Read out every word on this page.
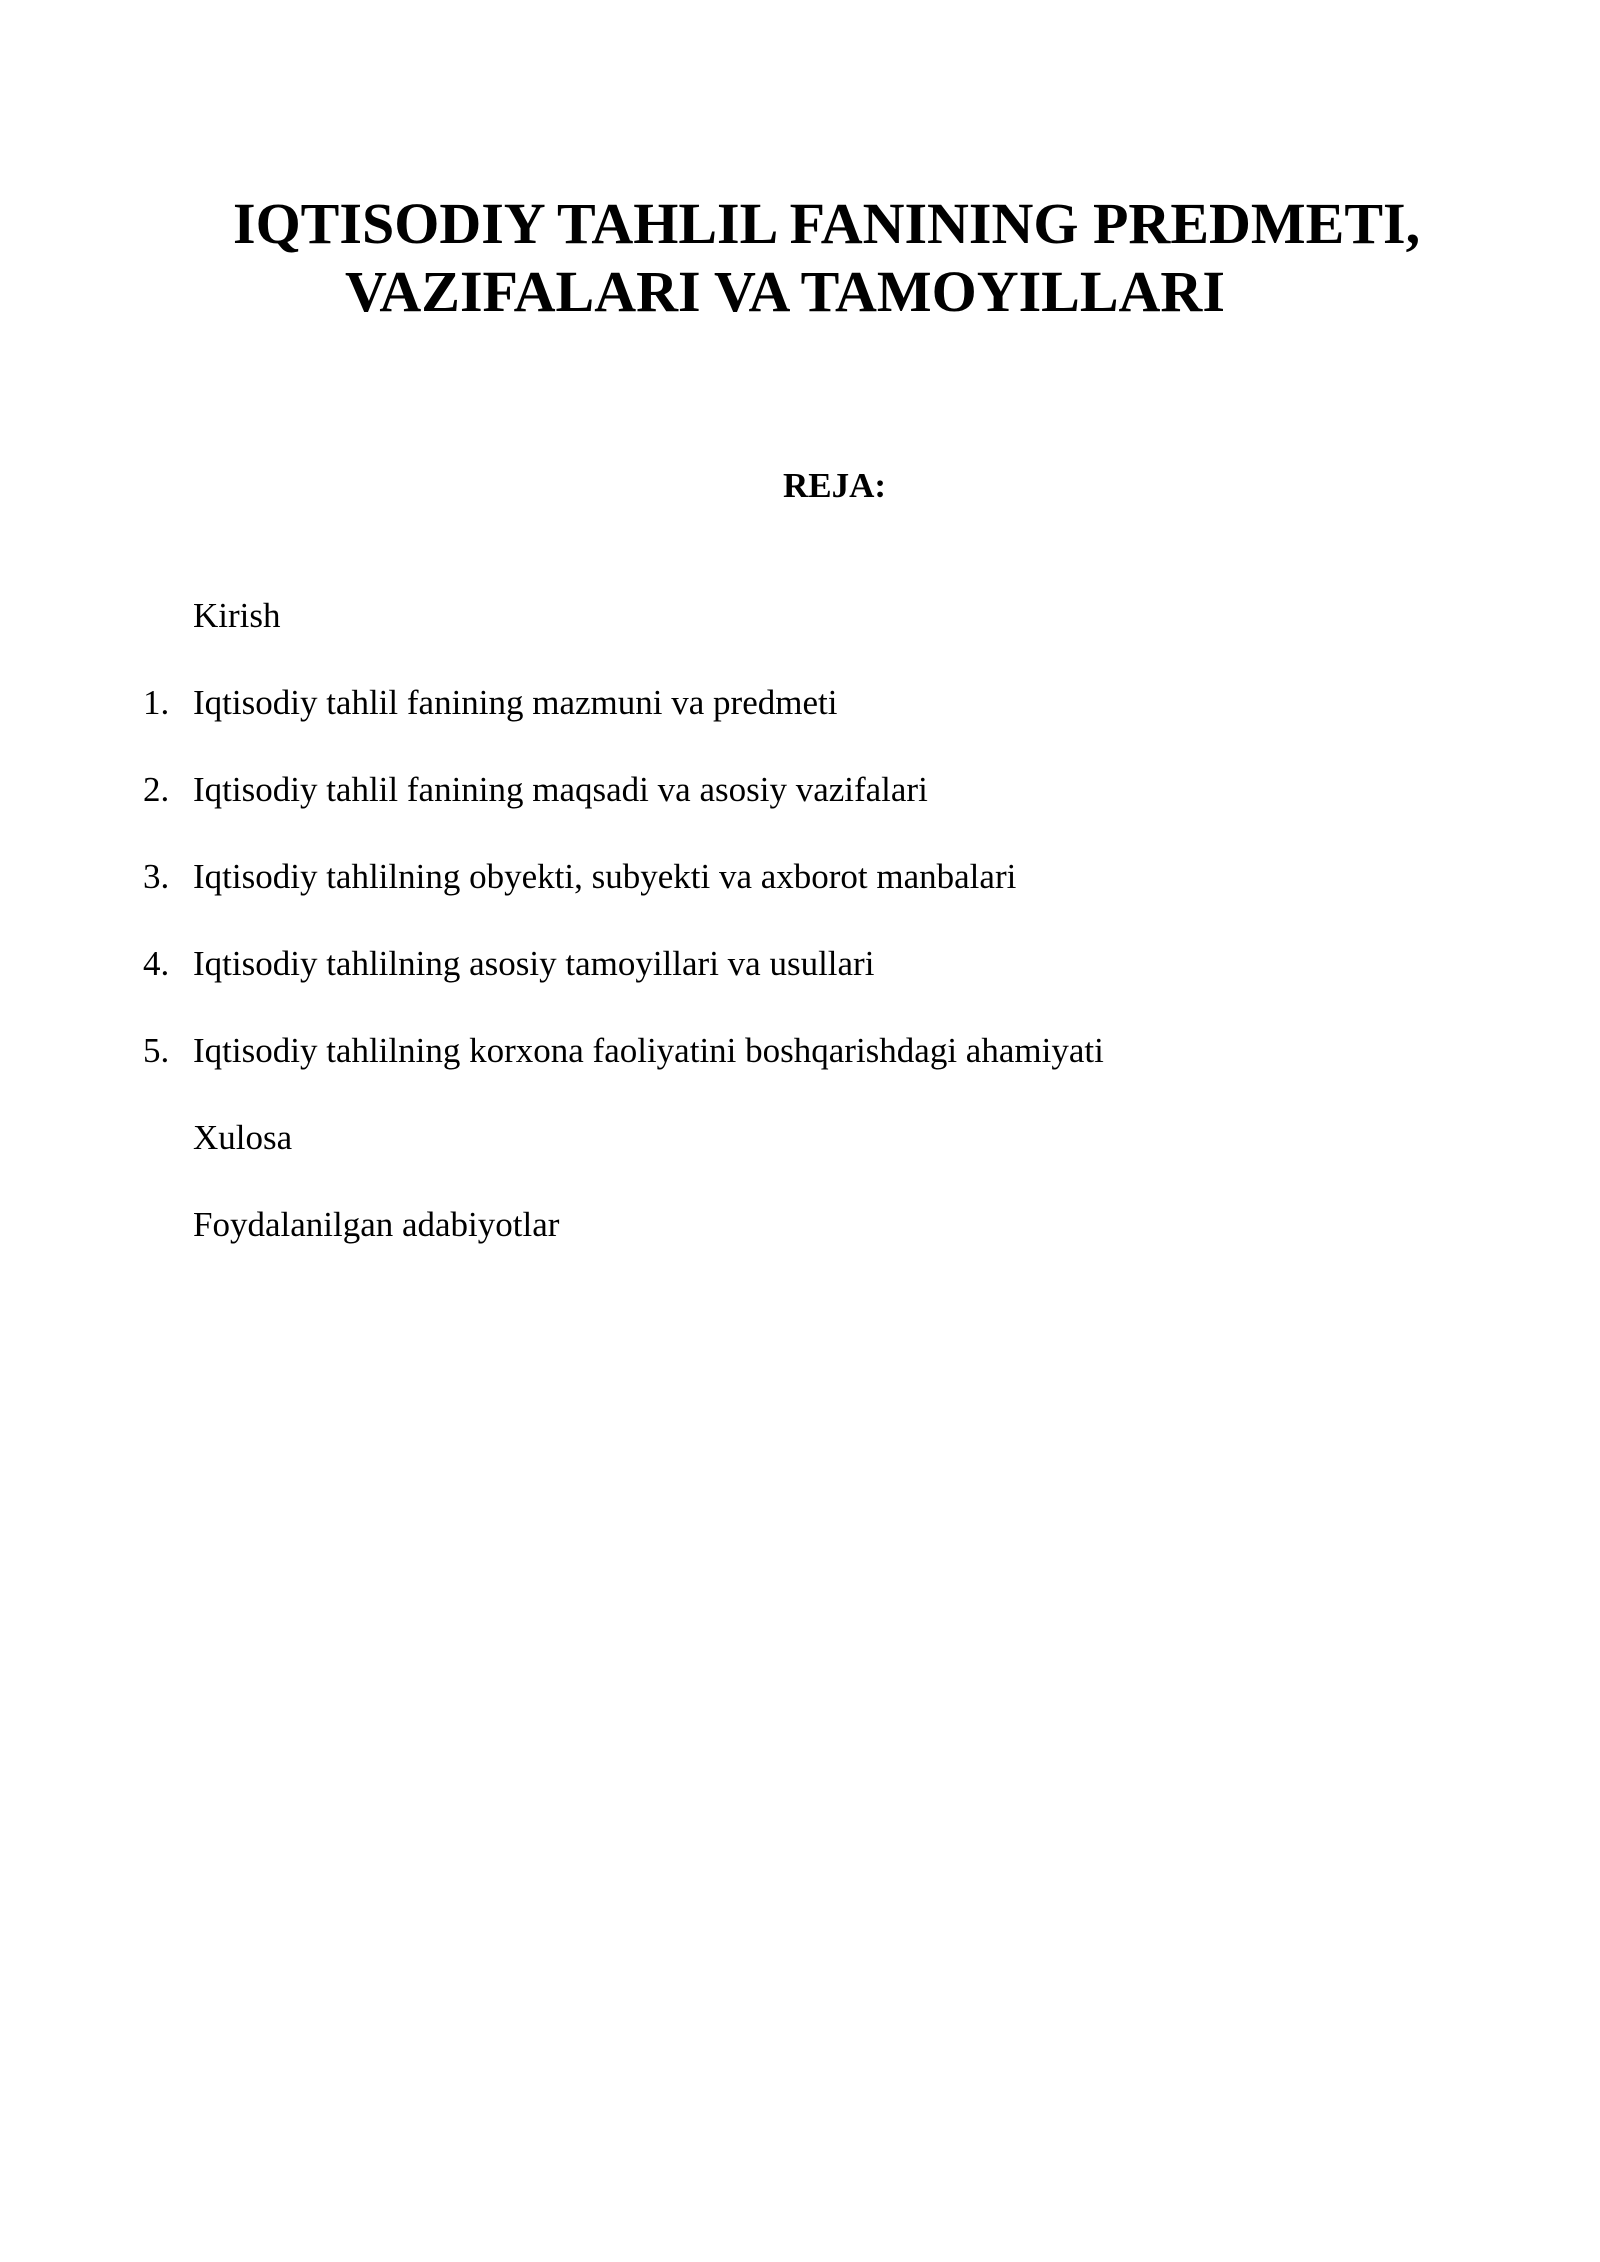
IQTISODIY TAHLIL FANINING PREDMETI,
VAZIFALARI VA TAMOYILLARI
REJA:
Kirish
1. Iqtisodiy tahlil fanining mazmuni va predmeti
2. Iqtisodiy tahlil fanining maqsadi va asosiy vazifalari
3. Iqtisodiy tahlilning obyekti, subyekti va axborot manbalari
4. Iqtisodiy tahlilning asosiy tamoyillari va usullari
5. Iqtisodiy tahlilning korxona faoliyatini boshqarishdagi ahamiyati
Xulosa
Foydalanilgan adabiyotlar
